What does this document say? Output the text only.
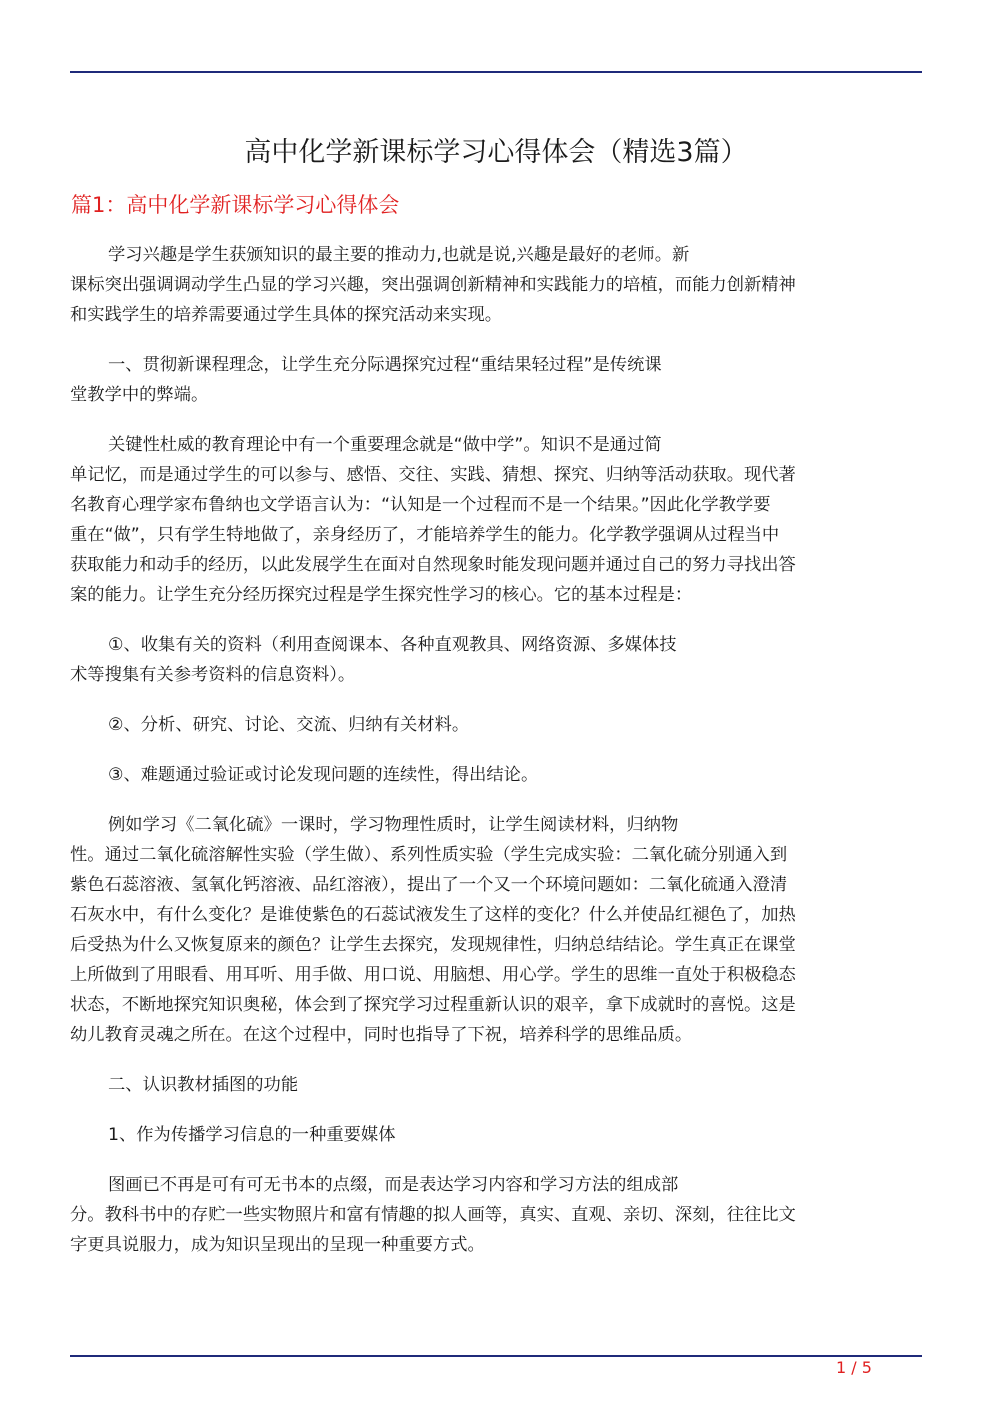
高中化学新课标学习心得体会（精选3篇）
篇1：高中化学新课标学习心得体会

学习兴趣是学生获颁知识的最主要的推动力,也就是说,兴趣是最好的老师。新
课标突出强调调动学生凸显的学习兴趣，突出强调创新精神和实践能力的培植，而能力创新精神
和实践学生的培养需要通过学生具体的探究活动来实现。

一、贯彻新课程理念，让学生充分际遇探究过程“重结果轻过程”是传统课
堂教学中的弊端。

关键性杜威的教育理论中有一个重要理念就是“做中学”。知识不是通过简
单记忆，而是通过学生的可以参与、感悟、交往、实践、猜想、探究、归纳等活动获取。现代著
名教育心理学家布鲁纳也文学语言认为：“认知是一个过程而不是一个结果。”因此化学教学要
重在“做”，只有学生特地做了，亲身经历了，才能培养学生的能力。化学教学强调从过程当中
获取能力和动手的经历，以此发展学生在面对自然现象时能发现问题并通过自己的努力寻找出答
案的能力。让学生充分经历探究过程是学生探究性学习的核心。它的基本过程是：

①、收集有关的资料（利用查阅课本、各种直观教具、网络资源、多媒体技
术等搜集有关参考资料的信息资料）。

②、分析、研究、讨论、交流、归纳有关材料。

③、难题通过验证或讨论发现问题的连续性，得出结论。

例如学习《二氧化硫》一课时，学习物理性质时，让学生阅读材料，归纳物
性。通过二氧化硫溶解性实验（学生做）、系列性质实验（学生完成实验：二氧化硫分别通入到
紫色石蕊溶液、氢氧化钙溶液、品红溶液），提出了一个又一个环境问题如：二氧化硫通入澄清
石灰水中，有什么变化？是谁使紫色的石蕊试液发生了这样的变化？什么并使品红褪色了，加热
后受热为什么又恢复原来的颜色？让学生去探究，发现规律性，归纳总结结论。学生真正在课堂
上所做到了用眼看、用耳听、用手做、用口说、用脑想、用心学。学生的思维一直处于积极稳态
状态，不断地探究知识奥秘，体会到了探究学习过程重新认识的艰辛，拿下成就时的喜悦。这是
幼儿教育灵魂之所在。在这个过程中，同时也指导了下祝，培养科学的思维品质。

二、认识教材插图的功能

1、作为传播学习信息的一种重要媒体

图画已不再是可有可无书本的点缀，而是表达学习内容和学习方法的组成部
分。教科书中的存贮一些实物照片和富有情趣的拟人画等，真实、直观、亲切、深刻，往往比文
字更具说服力，成为知识呈现出的呈现一种重要方式。

1 / 5
